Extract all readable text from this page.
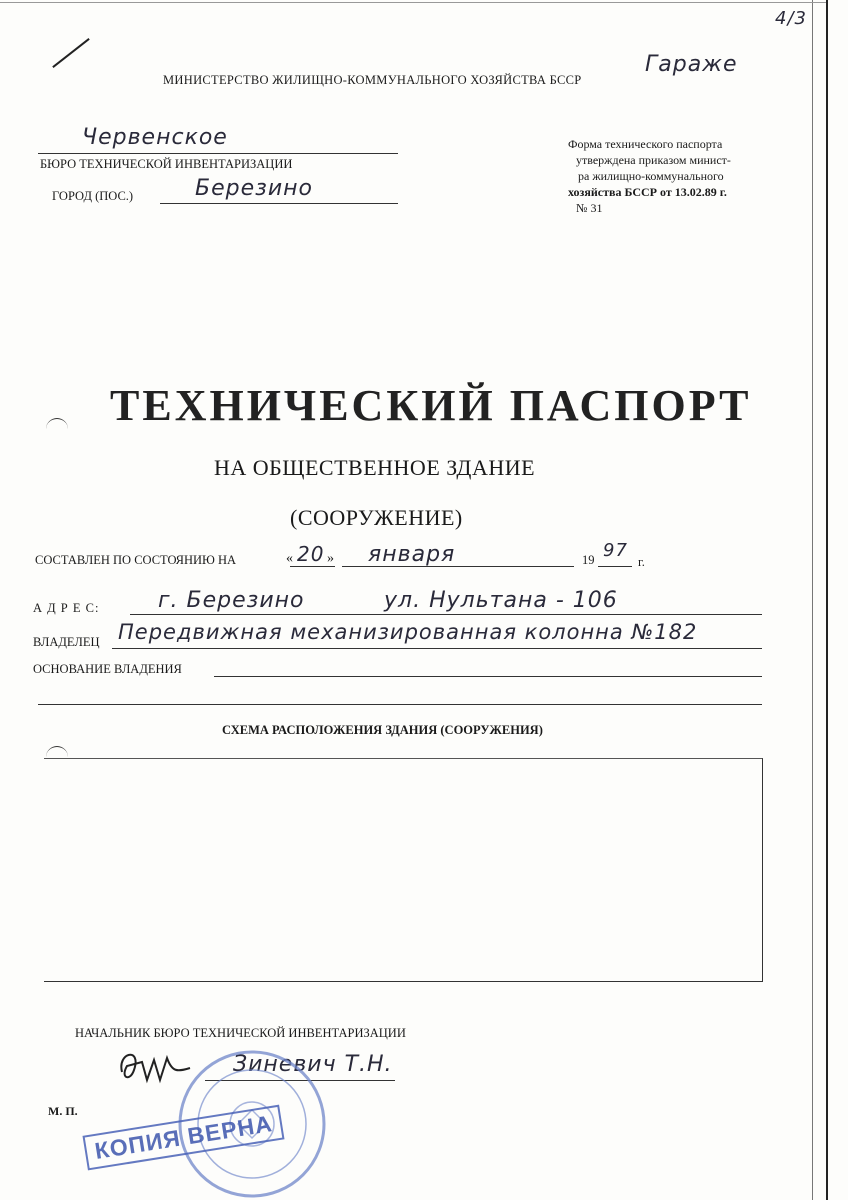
4/3
Гараже
МИНИСТЕРСТВО ЖИЛИЩНО-КОММУНАЛЬНОГО ХОЗЯЙСТВА БССР
Червенское
БЮРО ТЕХНИЧЕСКОЙ ИНВЕНТАРИЗАЦИИ
ГОРОД (ПОС.)	Березино
Форма технического паспорта
утверждена приказом минист-
ра жилищно-коммунального
хозяйства БССР от 13.02.89 г.
№ 31
ТЕХНИЧЕСКИЙ ПАСПОРТ
НА ОБЩЕСТВЕННОЕ ЗДАНИЕ
(СООРУЖЕНИЕ)
СОСТАВЛЕН ПО СОСТОЯНИЮ НА	« 20 » января	19 97
г.
А Д Р Е С:	г. Березино	ул. Нультана - 106
ВЛАДЕЛЕЦ Передвижная механизированная колонна №182
ОСНОВАНИЕ ВЛАДЕНИЯ
СХЕМА РАСПОЛОЖЕНИЯ ЗДАНИЯ (СООРУЖЕНИЯ)
НАЧАЛЬНИК БЮРО ТЕХНИЧЕСКОЙ ИНВЕНТАРИЗАЦИИ
Зиневич Т.Н.
М. П. КОПИЯ ВЕРНА
